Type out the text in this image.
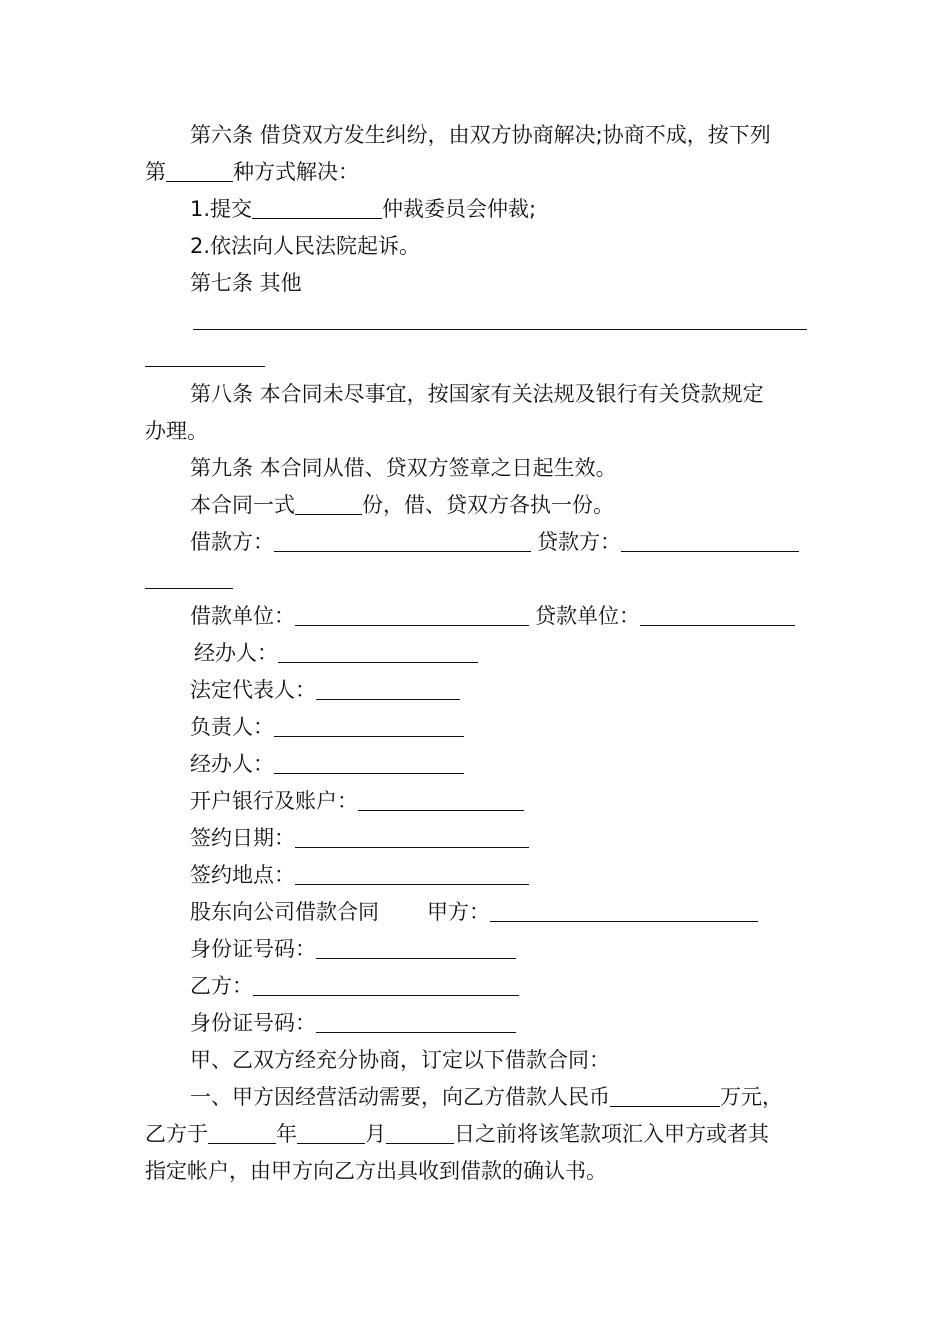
第六条 借贷双方发生纠纷，由双方协商解决;协商不成，按下列
第	种方式解决：
1.提交	仲裁委员会仲裁;
2.依法向人民法院起诉。
第七条 其他
第八条 本合同未尽事宜，按国家有关法规及银行有关贷款规定
办理。
第九条 本合同从借、贷双方签章之日起生效。
本合同一式	份，借、贷双方各执一份。
借款方：	贷款方：
借款单位：	贷款单位：
经办人：
法定代表人：
负责人：
经办人：
开户银行及账户：
签约日期：
签约地点：
股东向公司借款合同 甲方：
身份证号码：
乙方：
身份证号码：
甲、乙双方经充分协商，订定以下借款合同：
一、甲方因经营活动需要，向乙方借款人民币	万元，
乙方于	年	月	日之前将该笔款项汇入甲方或者其
指定帐户，由甲方向乙方出具收到借款的确认书。
